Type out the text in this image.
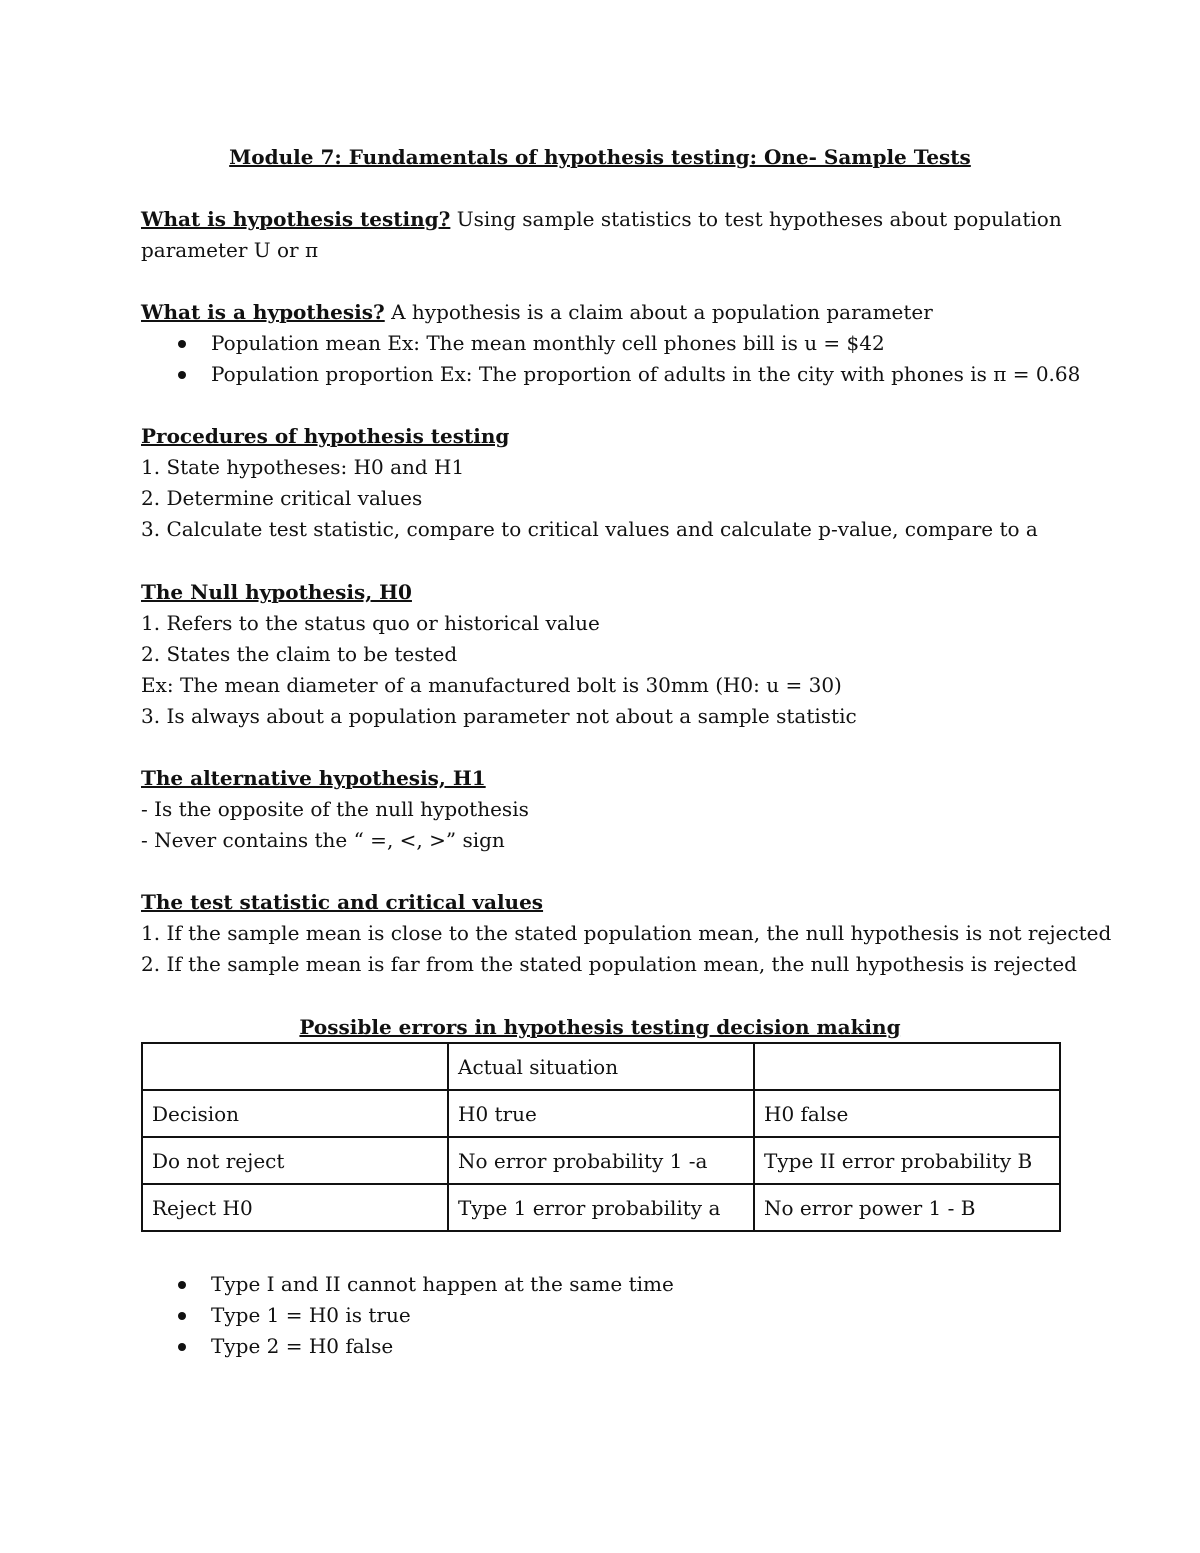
Module 7: Fundamentals of hypothesis testing: One- Sample Tests
What is hypothesis testing? Using sample statistics to test hypotheses about population
parameter U or π
What is a hypothesis? A hypothesis is a claim about a population parameter
Population mean Ex: The mean monthly cell phones bill is u = $42
Population proportion Ex: The proportion of adults in the city with phones is π = 0.68
Procedures of hypothesis testing
1. State hypotheses: H0 and H1
2. Determine critical values
3. Calculate test statistic, compare to critical values and calculate p-value, compare to a
The Null hypothesis, H0
1. Refers to the status quo or historical value
2. States the claim to be tested
Ex: The mean diameter of a manufactured bolt is 30mm (H0: u = 30)
3. Is always about a population parameter not about a sample statistic
The alternative hypothesis, H1
- Is the opposite of the null hypothesis
- Never contains the “ =, <, >” sign
The test statistic and critical values
1. If the sample mean is close to the stated population mean, the null hypothesis is not rejected
2. If the sample mean is far from the stated population mean, the null hypothesis is rejected
Possible errors in hypothesis testing decision making
	Actual situation	
Decision	H0 true	H0 false
Do not reject	No error probability 1 -a	Type II error probability B
Reject H0	Type 1 error probability a	No error power 1 - B
Type I and II cannot happen at the same time
Type 1 = H0 is true
Type 2 = H0 false
